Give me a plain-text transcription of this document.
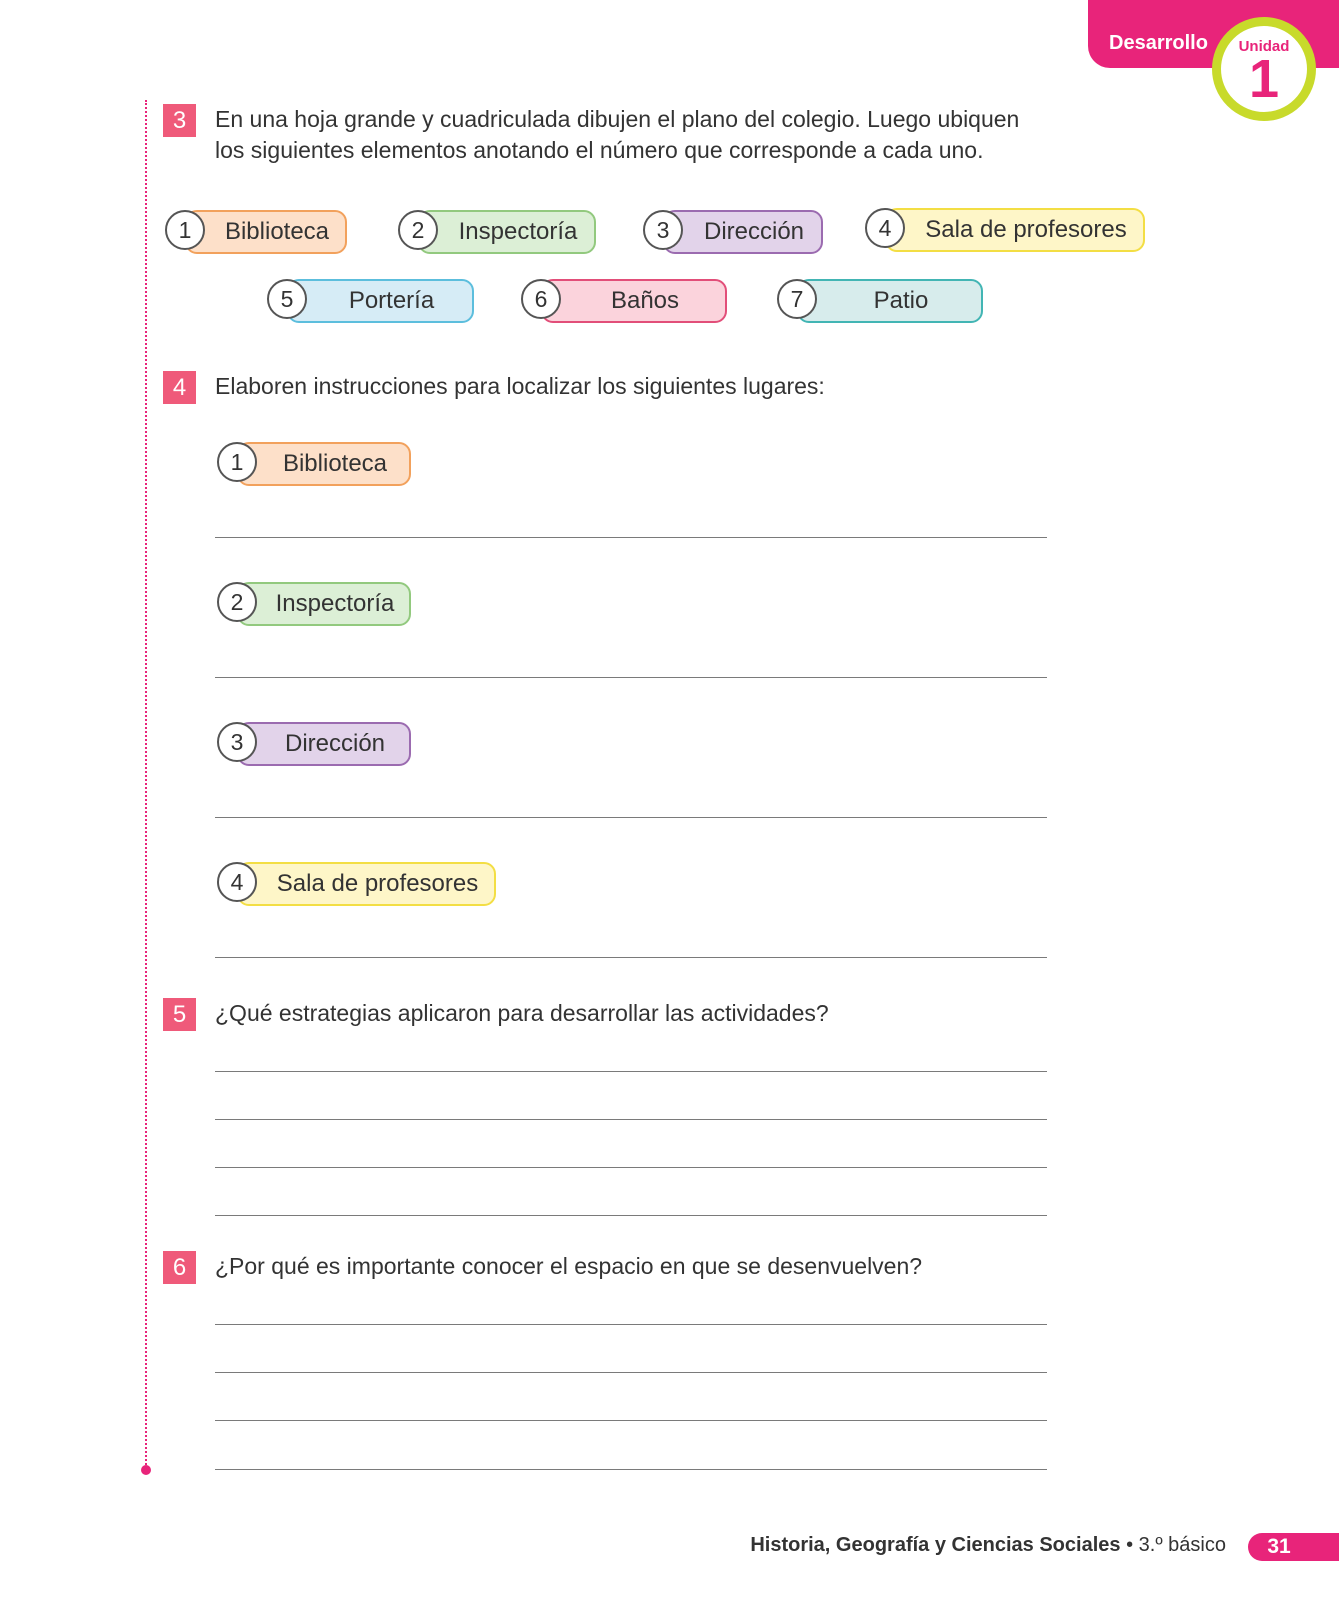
Desarrollo	Unidad
1
3	En una hoja grande y cuadriculada dibujen el plano del colegio. Luego ubiquen
los siguientes elementos anotando el número que corresponde a cada uno.
1	Biblioteca	2	Inspectoría	3	Dirección	4	Sala de profesores
5	Portería	6	Baños	7	Patio
4	Elaboren instrucciones para localizar los siguientes lugares:
1	Biblioteca
2	Inspectoría
3	Dirección
4	Sala de profesores
5	¿Qué estrategias aplicaron para desarrollar las actividades?
6	¿Por qué es importante conocer el espacio en que se desenvuelven?
Historia, Geografía y Ciencias Sociales • 3.º básico	31
